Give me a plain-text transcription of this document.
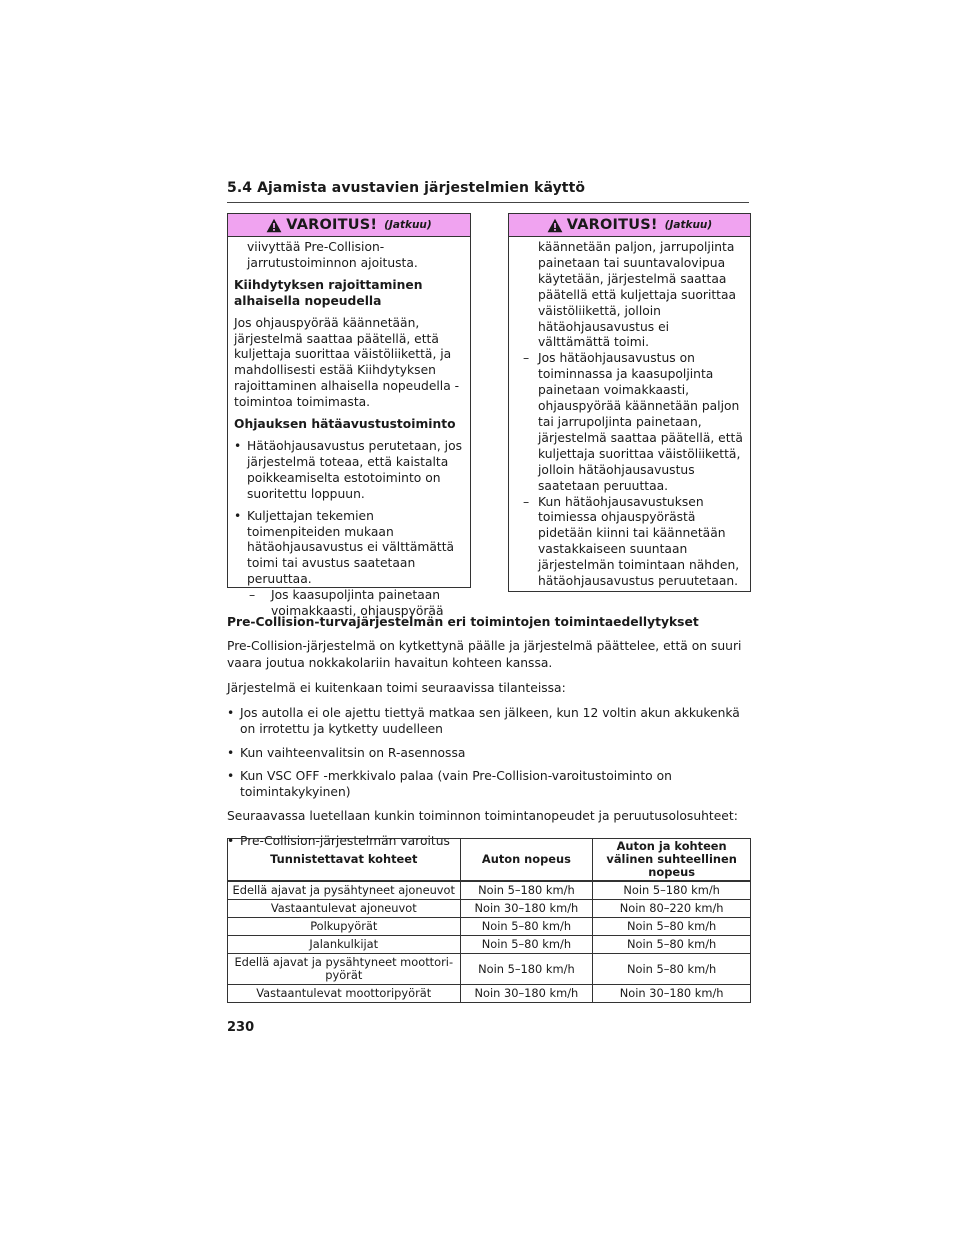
5.4 Ajamista avustavien järjestelmien käyttö
VAROITUS! (Jatkuu)
viivyttää Pre-Collision-
jarrutustoiminnon ajoitusta.

Kiihdytyksen rajoittaminen alhaisella nopeudella

Jos ohjauspyörää käännetään, järjestelmä saattaa päätellä, että kuljettaja suorittaa väistöliikettä, ja mahdollisesti estää Kiihdytyksen rajoittaminen alhaisella nopeudella -toimintoa toimimasta.

Ohjauksen hätäavustustoiminto

• Hätäohjausavustus perutetaan, jos järjestelmä toteaa, että kaistalta poikkeamiselta estotoiminto on suoritettu loppuun.
• Kuljettajan tekemien toimenpiteiden mukaan hätäohjausavustus ei välttämättä toimi tai avustus saatetaan peruuttaa.
– Jos kaasupoljinta painetaan voimakkaasti, ohjauspyörää
VAROITUS! (Jatkuu)
käännetään paljon, jarrupoljinta painetaan tai suuntavalovipua käytetään, järjestelmä saattaa päätellä että kuljettaja suorittaa väistöliikettä, jolloin hätäohjausavustus ei välttämättä toimi.
– Jos hätäohjausavustus on toiminnassa ja kaasupoljinta painetaan voimakkaasti, ohjauspyörää käännetään paljon tai jarrupoljinta painetaan, järjestelmä saattaa päätellä, että kuljettaja suorittaa väistöliikettä, jolloin hätäohjausavustus saatetaan peruuttaa.
– Kun hätäohjausavustuksen toimiessa ohjauspyörästä pidetään kiinni tai käännetään vastakkaiseen suuntaan järjestelmän toimintaan nähden, hätäohjausavustus peruutetaan.

Pre-Collision-turvajärjestelmän eri toimintojen toimintaedellytykset

Pre-Collision-järjestelmä on kytkettynä päälle ja järjestelmä päättelee, että on suuri vaara joutua nokkakolariin havaitun kohteen kanssa.

Järjestelmä ei kuitenkaan toimi seuraavissa tilanteissa:

• Jos autolla ei ole ajettu tiettyä matkaa sen jälkeen, kun 12 voltin akun akkukenkä on irrotettu ja kytketty uudelleen
• Kun vaihteenvalitsin on R-asennossa
• Kun VSC OFF -merkkivalo palaa (vain Pre-Collision-varoitustoiminto on toimintakykyinen)

Seuraavassa luetellaan kunkin toiminnon toimintanopeudet ja peruutusolosuhteet:

• Pre-Collision-järjestelmän varoitus
Tunnistettavat kohteet	Auton nopeus	Auton ja kohteen välinen suhteellinen nopeus
Edellä ajavat ja pysähtyneet ajoneuvot	Noin 5–180 km/h	Noin 5–180 km/h
Vastaantulevat ajoneuvot	Noin 30–180 km/h	Noin 80–220 km/h
Polkupyörät	Noin 5–80 km/h	Noin 5–80 km/h
Jalankulkijat	Noin 5–80 km/h	Noin 5–80 km/h
Edellä ajavat ja pysähtyneet moottori-pyörät	Noin 5–180 km/h	Noin 5–80 km/h
Vastaantulevat moottoripyörät	Noin 30–180 km/h	Noin 30–180 km/h
230
